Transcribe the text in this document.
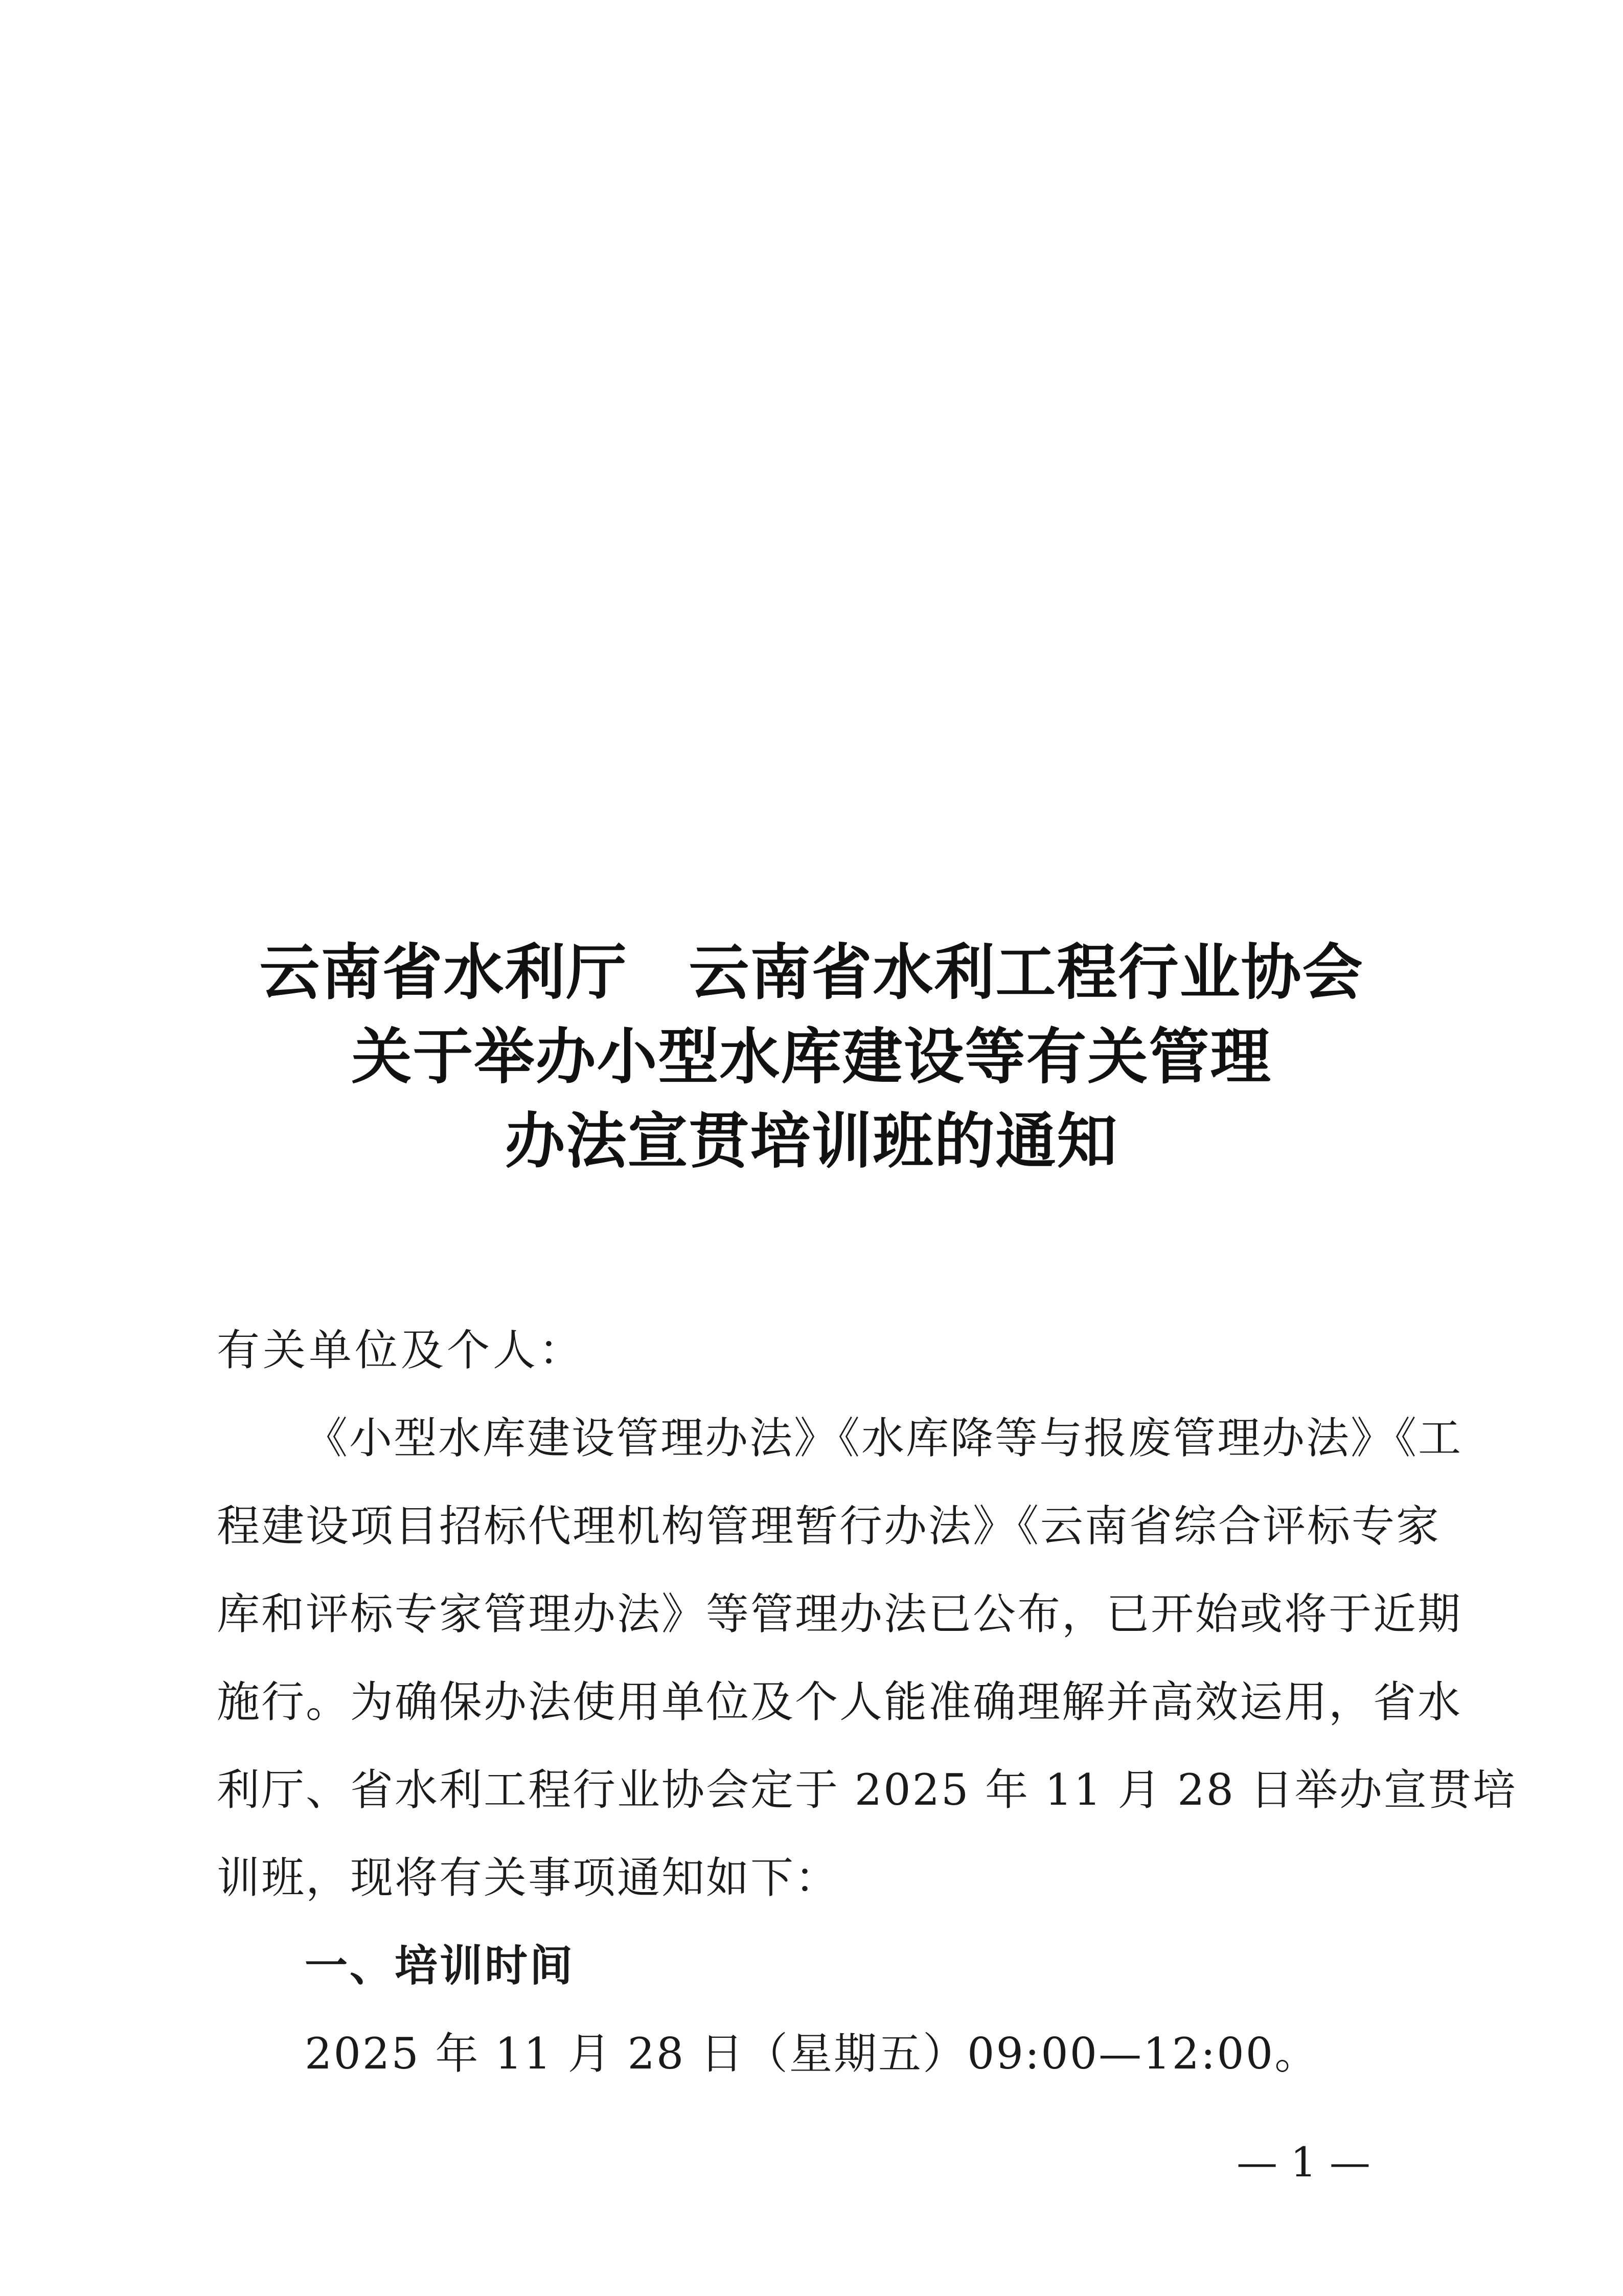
云南省水利厅 云南省水利工程行业协会
关于举办小型水库建设等有关管理
办法宣贯培训班的通知
有关单位及个人：
《小型水库建设管理办法》《水库降等与报废管理办法》《工
程建设项目招标代理机构管理暂行办法》《云南省综合评标专家
库和评标专家管理办法》等管理办法已公布，已开始或将于近期
施行。为确保办法使用单位及个人能准确理解并高效运用，省水
利厅、省水利工程行业协会定于 2025 年 11 月 28 日举办宣贯培
训班，现将有关事项通知如下：
一、培训时间
2025 年 11 月 28 日（星期五）09:00—12:00。
— 1 —
